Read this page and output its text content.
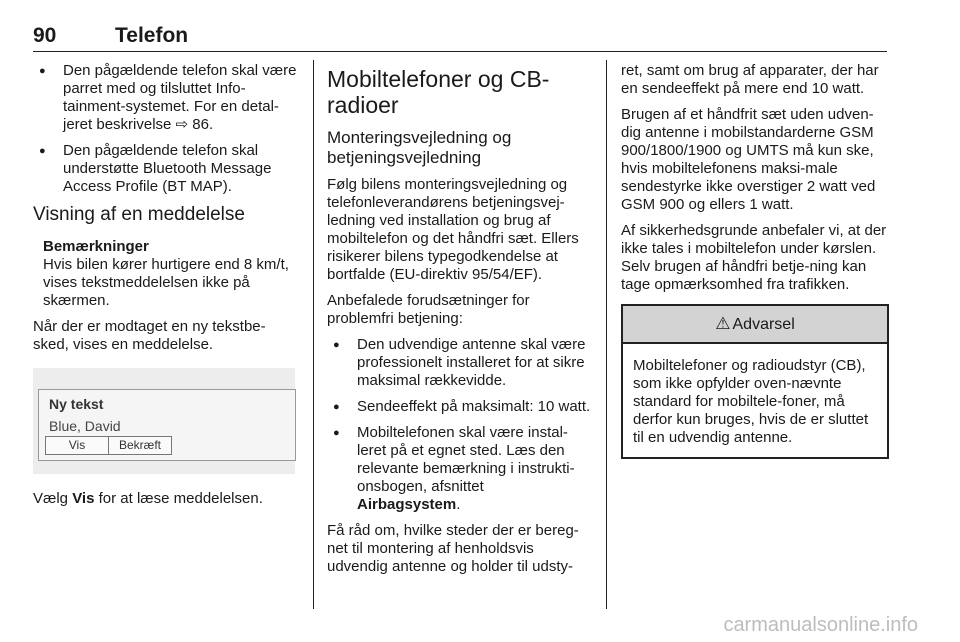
90	Telefon
● Den pågældende telefon skal være parret med og tilsluttet Info-tainment-systemet. For en detal-jeret beskrivelse ⇨ 86.
● Den pågældende telefon skal understøtte Bluetooth Message Access Profile (BT MAP).
Visning af en meddelelse
Bemærkninger
Hvis bilen kører hurtigere end 8 km/t, vises tekstmeddelelsen ikke på skærmen.

Når der er modtaget en ny tekstbe-sked, vises en meddelelse.

Ny tekst
Blue, David
Vis	Bekræft

Vælg Vis for at læse meddelelsen.

Mobiltelefoner og CB-radioer
Monteringsvejledning og betjeningsvejledning

Følg bilens monteringsvejledning og telefonleverandørens betjeningsvej-ledning ved installation og brug af mobiltelefon og det håndfri sæt. Ellers risikerer bilens typegodkendelse at bortfalde (EU-direktiv 95/54/EF).

Anbefalede forudsætninger for problemfri betjening:

● Den udvendige antenne skal være professionelt installeret for at sikre maksimal rækkevidde.
● Sendeeffekt på maksimalt: 10 watt.
● Mobiltelefonen skal være instal-leret på et egnet sted. Læs den relevante bemærkning i instrukti-onsbogen, afsnittet
Airbagsystem.

Få råd om, hvilke steder der er bereg-net til montering af henholdsvis udvendig antenne og holder til udsty-

ret, samt om brug af apparater, der har en sendeeffekt på mere end 10 watt.

Brugen af et håndfrit sæt uden udven-dig antenne i mobilstandarderne GSM 900/1800/1900 og UMTS må kun ske, hvis mobiltelefonens maksi-male sendestyrke ikke overstiger 2 watt ved GSM 900 og ellers 1 watt.

Af sikkerhedsgrunde anbefaler vi, at der ikke tales i mobiltelefon under kørslen. Selv brugen af håndfri betje-ning kan tage opmærksomhed fra trafikken.

⚠ Advarsel
Mobiltelefoner og radioudstyr (CB), som ikke opfylder oven-nævnte standard for mobiltele-foner, må derfor kun bruges, hvis de er sluttet til en udvendig antenne.
carmanualsonline.info
